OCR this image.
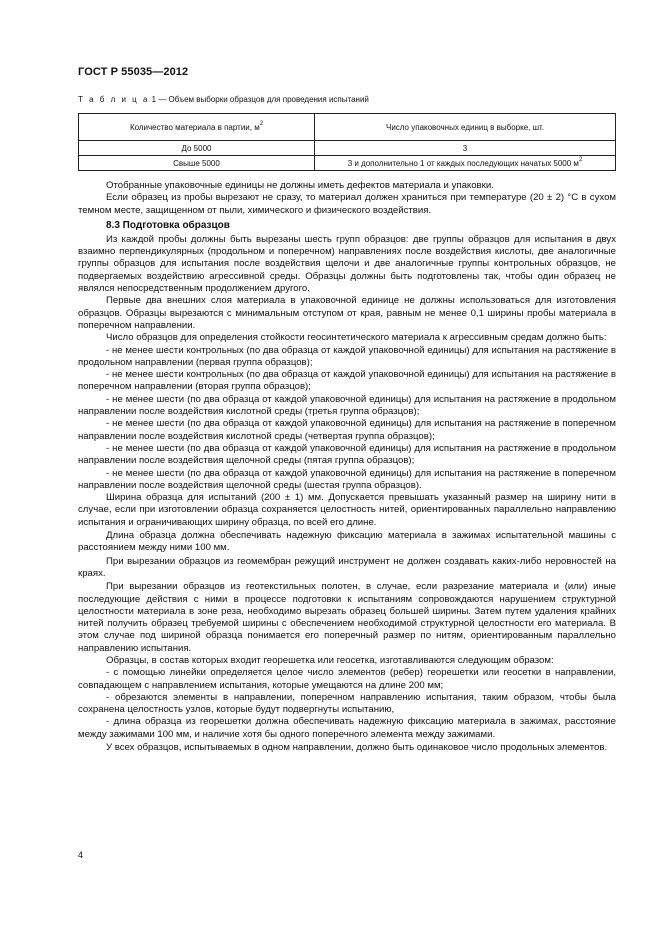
ГОСТ Р 55035—2012
Т а б л и ц а 1 — Объем выборки образцов для проведения испытаний
Количество материала в партии, $м^2$	Число упаковочных единиц в выборке, шт.
До 5000	3
Свыше 5000	3 и дополнительно 1 от каждых последующих начатых 5000 $м^2$

Отобранные упаковочные единицы не должны иметь дефектов материала и упаковки.

Если образец из пробы вырезают не сразу, то материал должен храниться при температуре (20 ± 2) °С в сухом темном месте, защищенном от пыли, химического и физического воздействия.

8.3 Подготовка образцов

Из каждой пробы должны быть вырезаны шесть групп образцов: две группы образцов для испытания в двух взаимно перпендикулярных (продольном и поперечном) направлениях после воздействия кислоты, две аналогичные группы образцов для испытания после воздействия щелочи и две аналогичные группы контрольных образцов, не подвергаемых воздействию агрессивной среды. Образцы должны быть подготовлены так, чтобы один образец не являлся непосредственным продолжением другого.

Первые два внешних слоя материала в упаковочной единице не должны использоваться для изготовления образцов. Образцы вырезаются с минимальным отступом от края, равным не менее 0,1 ширины пробы материала в поперечном направлении.

Число образцов для определения стойкости геосинтетического материала к агрессивным средам должно быть:

- не менее шести контрольных (по два образца от каждой упаковочной единицы) для испытания на растяжение в продольном направлении (первая группа образцов);

- не менее шести контрольных (по два образца от каждой упаковочной единицы) для испытания на растяжение в поперечном направлении (вторая группа образцов);

- не менее шести (по два образца от каждой упаковочной единицы) для испытания на растяжение в продольном направлении после воздействия кислотной среды (третья группа образцов);

- не менее шести (по два образца от каждой упаковочной единицы) для испытания на растяжение в поперечном направлении после воздействия кислотной среды (четвертая группа образцов);

- не менее шести (по два образца от каждой упаковочной единицы) для испытания на растяжение в продольном направлении после воздействия щелочной среды (пятая группа образцов);

- не менее шести (по два образца от каждой упаковочной единицы) для испытания на растяжение в поперечном направлении после воздействия щелочной среды (шестая группа образцов).

Ширина образца для испытаний (200 ± 1) мм. Допускается превышать указанный размер на ширину нити в случае, если при изготовлении образца сохраняется целостность нитей, ориентированных параллельно направлению испытания и ограничивающих ширину образца, по всей его длине.

Длина образца должна обеспечивать надежную фиксацию материала в зажимах испытательной машины с расстоянием между ними 100 мм.

При вырезании образцов из геомембран режущий инструмент не должен создавать каких-либо неровностей на краях.

При вырезании образцов из геотекстильных полотен, в случае, если разрезание материала и (или) иные последующие действия с ними в процессе подготовки к испытаниям сопровождаются нарушением структурной целостности материала в зоне реза, необходимо вырезать образец большей ширины. Затем путем удаления крайних нитей получить образец требуемой ширины с обеспечением необходимой структурной целостности его материала. В этом случае под шириной образца понимается его поперечный размер по нитям, ориентированным параллельно направлению испытания.

Образцы, в состав которых входит георешетка или геосетка, изготавливаются следующим образом:

- с помощью линейки определяется целое число элементов (ребер) георешетки или геосетки в направлении, совпадающем с направлением испытания, которые умещаются на длине 200 мм;

- обрезаются элементы в направлении, поперечном направлению испытания, таким образом, чтобы была сохранена целостность узлов, которые будут подвергнуты испытанию,

- длина образца из георешетки должна обеспечивать надежную фиксацию материала в зажимах, расстояние между зажимами 100 мм, и наличие хотя бы одного поперечного элемента между зажимами.

У всех образцов, испытываемых в одном направлении, должно быть одинаковое число продольных элементов.

4
